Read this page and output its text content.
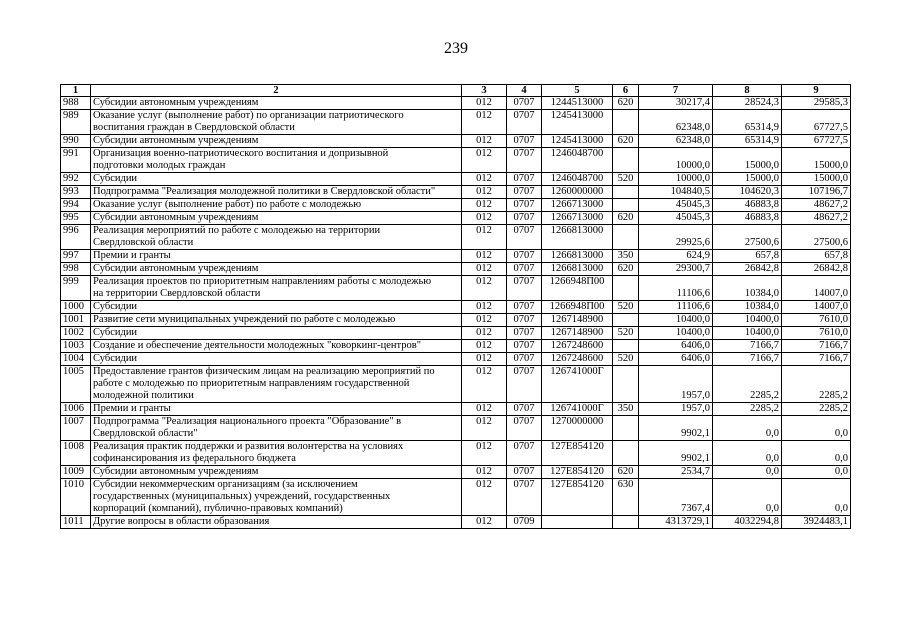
239
1	2	3	4	5	6	7	8	9
988	Субсидии автономным учреждениям	012	0707	1244513000	620	30217,4	28524,3	29585,3
989	Оказание услуг (выполнение работ) по организации патриотического
воспитания граждан в Свердловской области	012	0707	1245413000		62348,0	65314,9	67727,5
990	Субсидии автономным учреждениям	012	0707	1245413000	620	62348,0	65314,9	67727,5
991	Организация военно-патриотического воспитания и допризывной
подготовки молодых граждан	012	0707	1246048700		10000,0	15000,0	15000,0
992	Субсидии	012	0707	1246048700	520	10000,0	15000,0	15000,0
993	Подпрограмма "Реализация молодежной политики в Свердловской области"	012	0707	1260000000		104840,5	104620,3	107196,7
994	Оказание услуг (выполнение работ) по работе с молодежью	012	0707	1266713000		45045,3	46883,8	48627,2
995	Субсидии автономным учреждениям	012	0707	1266713000	620	45045,3	46883,8	48627,2
996	Реализация мероприятий по работе с молодежью на территории
Свердловской области	012	0707	1266813000		29925,6	27500,6	27500,6
997	Премии и гранты	012	0707	1266813000	350	624,9	657,8	657,8
998	Субсидии автономным учреждениям	012	0707	1266813000	620	29300,7	26842,8	26842,8
999	Реализация проектов по приоритетным направлениям работы с молодежью
на территории Свердловской области	012	0707	1266948П00		11106,6	10384,0	14007,0
1000	Субсидии	012	0707	1266948П00	520	11106,6	10384,0	14007,0
1001	Развитие сети муниципальных учреждений по работе с молодежью	012	0707	1267148900		10400,0	10400,0	7610,0
1002	Субсидии	012	0707	1267148900	520	10400,0	10400,0	7610,0
1003	Создание и обеспечение деятельности молодежных "коворкинг-центров"	012	0707	1267248600		6406,0	7166,7	7166,7
1004	Субсидии	012	0707	1267248600	520	6406,0	7166,7	7166,7
1005	Предоставление грантов физическим лицам на реализацию мероприятий по
работе с молодежью по приоритетным направлениям государственной
молодежной политики	012	0707	126741000Г		1957,0	2285,2	2285,2
1006	Премии и гранты	012	0707	126741000Г	350	1957,0	2285,2	2285,2
1007	Подпрограмма "Реализация национального проекта "Образование" в
Свердловской области"	012	0707	1270000000		9902,1	0,0	0,0
1008	Реализация практик поддержки и развития волонтерства на условиях
софинансирования из федерального бюджета	012	0707	127E854120		9902,1	0,0	0,0
1009	Субсидии автономным учреждениям	012	0707	127E854120	620	2534,7	0,0	0,0
1010	Субсидии некоммерческим организациям (за исключением
государственных (муниципальных) учреждений, государственных
корпораций (компаний), публично-правовых компаний)	012	0707	127E854120	630	7367,4	0,0	0,0
1011	Другие вопросы в области образования	012	0709			4313729,1	4032294,8	3924483,1
